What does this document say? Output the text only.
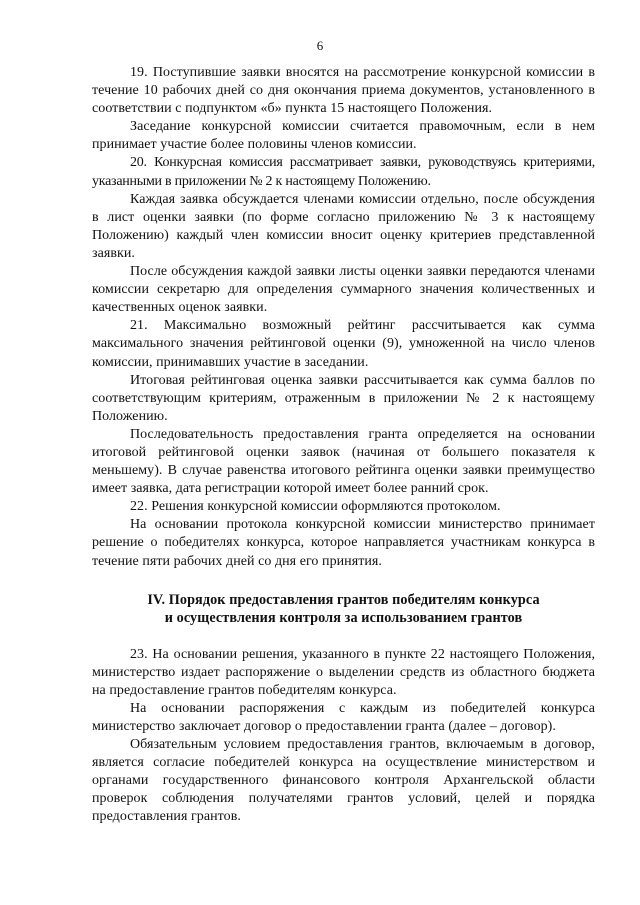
6

19. Поступившие заявки вносятся на рассмотрение конкурсной комиссии в течение 10 рабочих дней со дня окончания приема документов, установленного в соответствии с подпунктом «б» пункта 15 настоящего Положения.

Заседание конкурсной комиссии считается правомочным, если в нем принимает участие более половины членов комиссии.

20. Конкурсная комиссия рассматривает заявки, руководствуясь критериями, указанными в приложении № 2 к настоящему Положению.

Каждая заявка обсуждается членами комиссии отдельно, после обсуждения в лист оценки заявки (по форме согласно приложению № 3 к настоящему Положению) каждый член комиссии вносит оценку критериев представленной заявки.

После обсуждения каждой заявки листы оценки заявки передаются членами комиссии секретарю для определения суммарного значения количественных и качественных оценок заявки.

21. Максимально возможный рейтинг рассчитывается как сумма максимального значения рейтинговой оценки (9), умноженной на число членов комиссии, принимавших участие в заседании.

Итоговая рейтинговая оценка заявки рассчитывается как сумма баллов по соответствующим критериям, отраженным в приложении № 2 к настоящему Положению.

Последовательность предоставления гранта определяется на основании итоговой рейтинговой оценки заявок (начиная от большего показателя к меньшему). В случае равенства итогового рейтинга оценки заявки преимущество имеет заявка, дата регистрации которой имеет более ранний срок.

22. Решения конкурсной комиссии оформляются протоколом.

На основании протокола конкурсной комиссии министерство принимает решение о победителях конкурса, которое направляется участникам конкурса в течение пяти рабочих дней со дня его принятия.

IV. Порядок предоставления грантов победителям конкурса
и осуществления контроля за использованием грантов

23. На основании решения, указанного в пункте 22 настоящего Положения, министерство издает распоряжение о выделении средств из областного бюджета на предоставление грантов победителям конкурса.

На основании распоряжения с каждым из победителей конкурса министерство заключает договор о предоставлении гранта (далее – договор).

Обязательным условием предоставления грантов, включаемым в договор, является согласие победителей конкурса на осуществление министерством и органами государственного финансового контроля Архангельской области проверок соблюдения получателями грантов условий, целей и порядка предоставления грантов.
